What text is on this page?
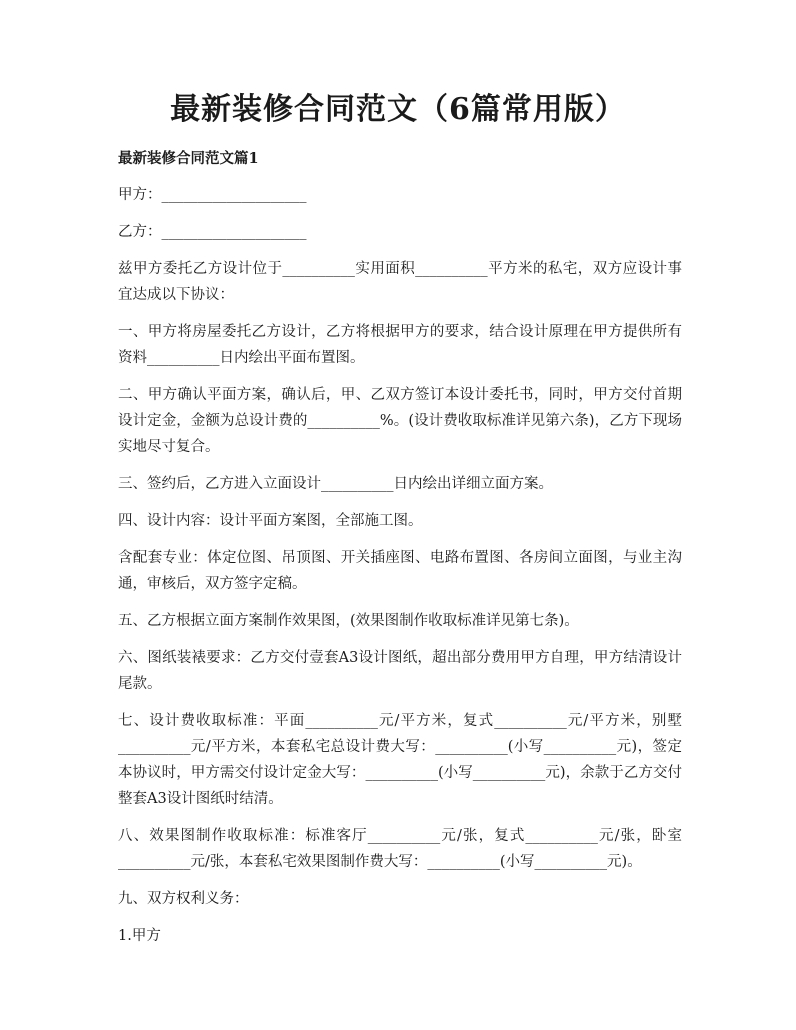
最新装修合同范文（6篇常用版）

最新装修合同范文篇1

甲方：____________________

乙方：____________________

兹甲方委托乙方设计位于__________实用面积__________平方米的私宅，双方应设计事宜达成以下协议：

一、甲方将房屋委托乙方设计，乙方将根据甲方的要求，结合设计原理在甲方提供所有资料__________日内绘出平面布置图。

二、甲方确认平面方案，确认后，甲、乙双方签订本设计委托书，同时，甲方交付首期设计定金，金额为总设计费的__________%。(设计费收取标准详见第六条)，乙方下现场实地尽寸复合。

三、签约后，乙方进入立面设计__________日内绘出详细立面方案。

四、设计内容：设计平面方案图，全部施工图。

含配套专业：体定位图、吊顶图、开关插座图、电路布置图、各房间立面图，与业主沟通，审核后，双方签字定稿。

五、乙方根据立面方案制作效果图，(效果图制作收取标准详见第七条)。

六、图纸装裱要求：乙方交付壹套A3设计图纸，超出部分费用甲方自理，甲方结清设计尾款。

七、设计费收取标准：平面__________元/平方米，复式__________元/平方米，别墅__________元/平方米，本套私宅总设计费大写：__________(小写__________元)，签定本协议时，甲方需交付设计定金大写：__________(小写__________元)，余款于乙方交付整套A3设计图纸时结清。

八、效果图制作收取标准：标准客厅__________元/张，复式__________元/张，卧室__________元/张，本套私宅效果图制作费大写：__________(小写__________元)。

九、双方权利义务：

1.甲方
